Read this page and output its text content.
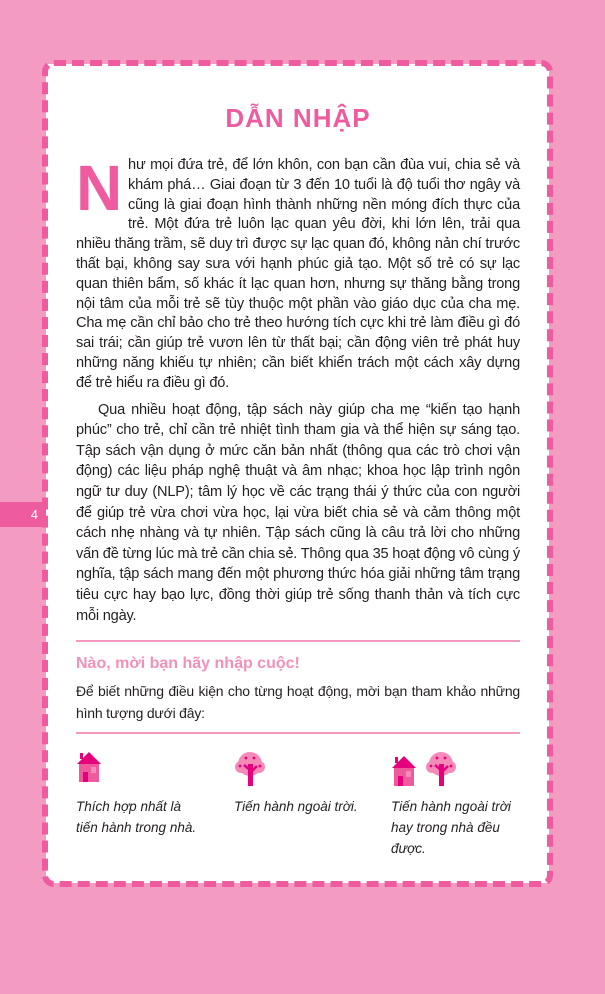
4
DẪN NHẬP

Như mọi đứa trẻ, để lớn khôn, con bạn cần đùa vui, chia sẻ và khám phá… Giai đoạn từ 3 đến 10 tuổi là độ tuổi thơ ngây và cũng là giai đoạn hình thành những nền móng đích thực của trẻ. Một đứa trẻ luôn lạc quan yêu đời, khi lớn lên, trải qua nhiều thăng trầm, sẽ duy trì được sự lạc quan đó, không nản chí trước thất bại, không say sưa với hạnh phúc giả tạo. Một số trẻ có sự lạc quan thiên bẩm, số khác ít lạc quan hơn, nhưng sự thăng bằng trong nội tâm của mỗi trẻ sẽ tùy thuộc một phần vào giáo dục của cha mẹ. Cha mẹ cần chỉ bảo cho trẻ theo hướng tích cực khi trẻ làm điều gì đó sai trái; cần giúp trẻ vươn lên từ thất bại; cần động viên trẻ phát huy những năng khiếu tự nhiên; cần biết khiển trách một cách xây dựng để trẻ hiểu ra điều gì đó.

Qua nhiều hoạt động, tập sách này giúp cha mẹ “kiến tạo hạnh phúc” cho trẻ, chỉ cần trẻ nhiệt tình tham gia và thể hiện sự sáng tạo. Tập sách vận dụng ở mức căn bản nhất (thông qua các trò chơi vận động) các liệu pháp nghệ thuật và âm nhạc; khoa học lập trình ngôn ngữ tư duy (NLP); tâm lý học về các trạng thái ý thức của con người để giúp trẻ vừa chơi vừa học, lại vừa biết chia sẻ và cảm thông một cách nhẹ nhàng và tự nhiên. Tập sách cũng là câu trả lời cho những vấn đề từng lúc mà trẻ cần chia sẻ. Thông qua 35 hoạt động vô cùng ý nghĩa, tập sách mang đến một phương thức hóa giải những tâm trạng tiêu cực hay bạo lực, đồng thời giúp trẻ sống thanh thản và tích cực mỗi ngày.

Nào, mời bạn hãy nhập cuộc!
Để biết những điều kiện cho từng hoạt động, mời bạn tham khảo những hình tượng dưới đây:
Thích hợp nhất là tiến hành trong nhà.
Tiến hành ngoài trời.	Tiến hành ngoài trời hay trong nhà đều được.
